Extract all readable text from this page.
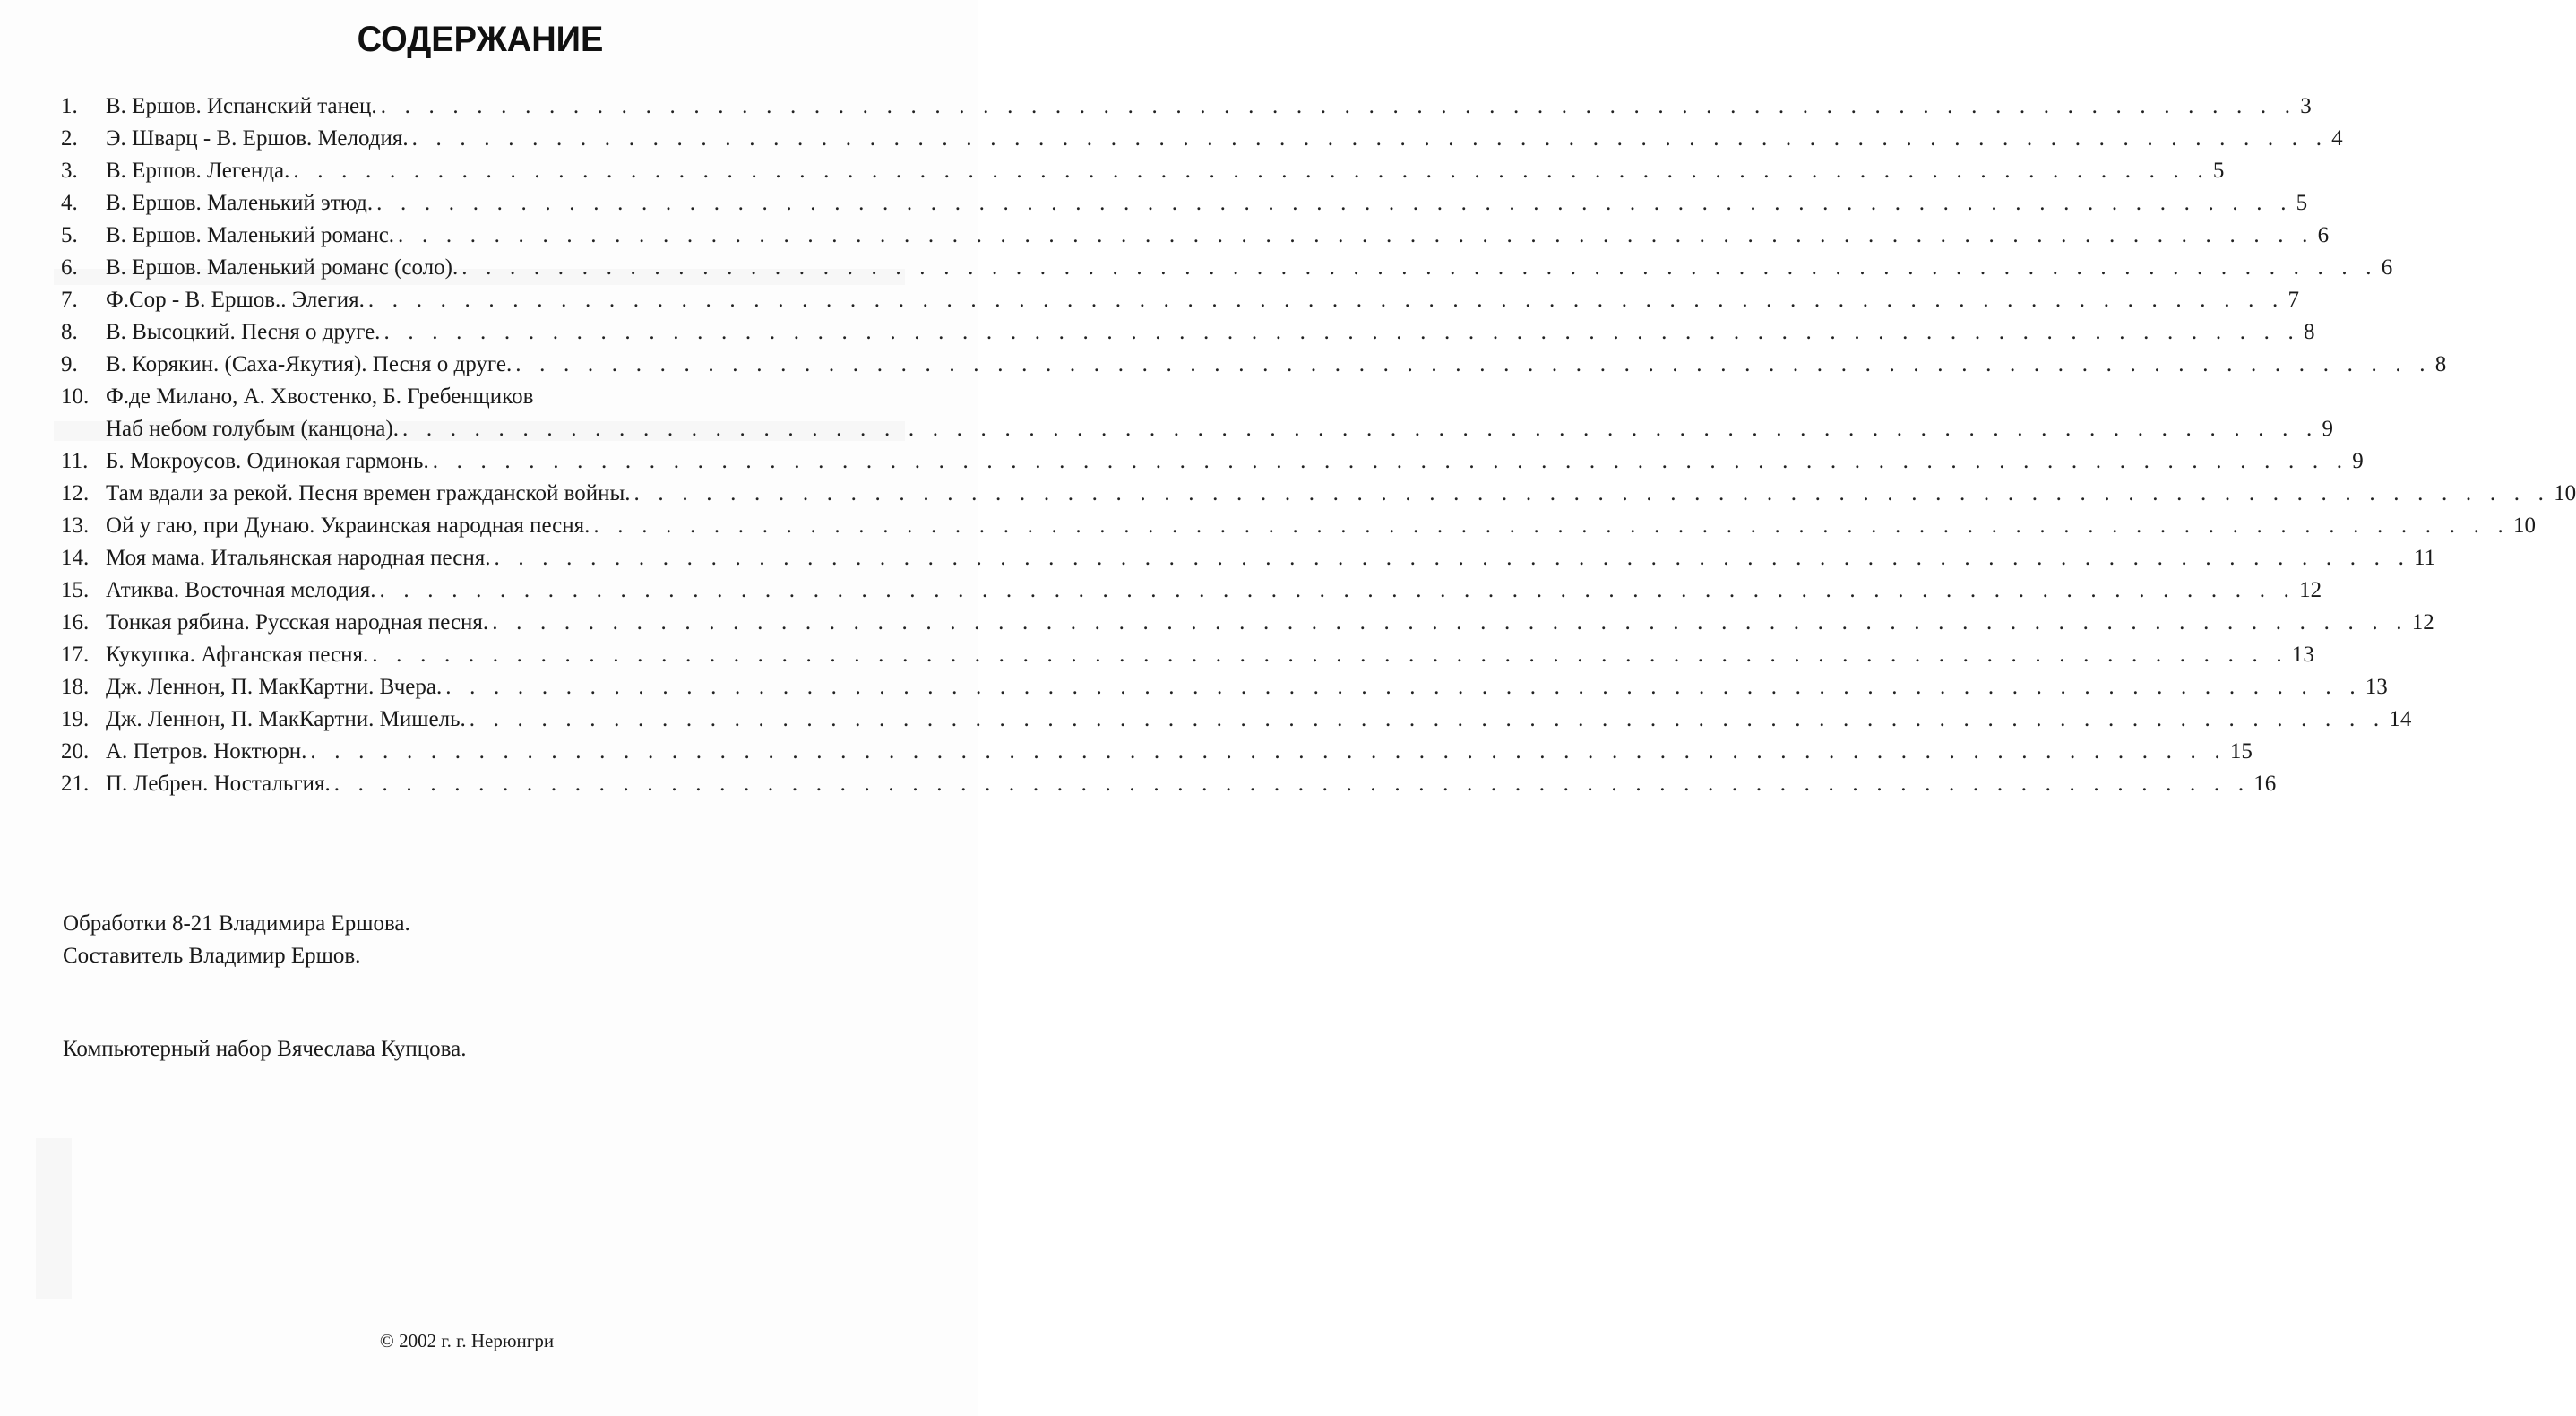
СОДЕРЖАНИЕ
1.	В. Ершов. Испанский танец. . . . . . . . . . . . . . . . . . . . . . . . . . . . . . . . . . . . . . . . . . . . . . . . . . . . . . . . . . . . . . . . . . . . . . . . . . . . . . . . . 3
2.	Э. Шварц - В. Ершов. Мелодия. . . . . . . . . . . . . . . . . . . . . . . . . . . . . . . . . . . . . . . . . . . . . . . . . . . . . . . . . . . . . . . . . . . . . . . . . . . . . . . . . 4
3.	В. Ершов. Легенда. . . . . . . . . . . . . . . . . . . . . . . . . . . . . . . . . . . . . . . . . . . . . . . . . . . . . . . . . . . . . . . . . . . . . . . . . . . . . . . . . 5
4.	В. Ершов. Маленький этюд. . . . . . . . . . . . . . . . . . . . . . . . . . . . . . . . . . . . . . . . . . . . . . . . . . . . . . . . . . . . . . . . . . . . . . . . . . . . . . . . . 5
5.	В. Ершов. Маленький романс. . . . . . . . . . . . . . . . . . . . . . . . . . . . . . . . . . . . . . . . . . . . . . . . . . . . . . . . . . . . . . . . . . . . . . . . . . . . . . . . . 6
6.	В. Ершов. Маленький романс (соло). . . . . . . . . . . . . . . . . . . . . . . . . . . . . . . . . . . . . . . . . . . . . . . . . . . . . . . . . . . . . . . . . . . . . . . . . . . . . . . . . 6
7.	Ф.Сор - В. Ершов.. Элегия. . . . . . . . . . . . . . . . . . . . . . . . . . . . . . . . . . . . . . . . . . . . . . . . . . . . . . . . . . . . . . . . . . . . . . . . . . . . . . . . . 7
8.	В. Высоцкий. Песня о друге. . . . . . . . . . . . . . . . . . . . . . . . . . . . . . . . . . . . . . . . . . . . . . . . . . . . . . . . . . . . . . . . . . . . . . . . . . . . . . . . . 8
9.	В. Корякин. (Саха-Якутия). Песня о друге. . . . . . . . . . . . . . . . . . . . . . . . . . . . . . . . . . . . . . . . . . . . . . . . . . . . . . . . . . . . . . . . . . . . . . . . . . . . . . . . . 8
10. Ф.де Милано, А. Хвостенко, Б. Гребенщиков
Наб небом голубым (канцона). . . . . . . . . . . . . . . . . . . . . . . . . . . . . . . . . . . . . . . . . . . . . . . . . . . . . . . . . . . . . . . . . . . . . . . . . . . . . . . . . 9
11. Б. Мокроусов. Одинокая гармонь. . . . . . . . . . . . . . . . . . . . . . . . . . . . . . . . . . . . . . . . . . . . . . . . . . . . . . . . . . . . . . . . . . . . . . . . . . . . . . . . . 9
12. Там вдали за рекой. Песня времен гражданской войны. . . . . . . . . . . . . . . . . . . . . . . . . . . . . . . . . . . . . . . . . . . . . . . . . . . . . . . . . . . . . . . . . . . . . . . . . . . . . . . . . 10
13. Ой у гаю, при Дунаю. Украинская народная песня. . . . . . . . . . . . . . . . . . . . . . . . . . . . . . . . . . . . . . . . . . . . . . . . . . . . . . . . . . . . . . . . . . . . . . . . . . . . . . . . . 10
14. Моя мама. Итальянская народная песня. . . . . . . . . . . . . . . . . . . . . . . . . . . . . . . . . . . . . . . . . . . . . . . . . . . . . . . . . . . . . . . . . . . . . . . . . . . . . . . . . 11
15. Атиква. Восточная мелодия. . . . . . . . . . . . . . . . . . . . . . . . . . . . . . . . . . . . . . . . . . . . . . . . . . . . . . . . . . . . . . . . . . . . . . . . . . . . . . . . . 12
16. Тонкая рябина. Русская народная песня. . . . . . . . . . . . . . . . . . . . . . . . . . . . . . . . . . . . . . . . . . . . . . . . . . . . . . . . . . . . . . . . . . . . . . . . . . . . . . . . . 12
17. Кукушка. Афганская песня. . . . . . . . . . . . . . . . . . . . . . . . . . . . . . . . . . . . . . . . . . . . . . . . . . . . . . . . . . . . . . . . . . . . . . . . . . . . . . . . . 13
18. Дж. Леннон, П. МакКартни. Вчера. . . . . . . . . . . . . . . . . . . . . . . . . . . . . . . . . . . . . . . . . . . . . . . . . . . . . . . . . . . . . . . . . . . . . . . . . . . . . . . . . 13
19. Дж. Леннон, П. МакКартни. Мишель. . . . . . . . . . . . . . . . . . . . . . . . . . . . . . . . . . . . . . . . . . . . . . . . . . . . . . . . . . . . . . . . . . . . . . . . . . . . . . . . . 14
20. А. Петров. Ноктюрн. . . . . . . . . . . . . . . . . . . . . . . . . . . . . . . . . . . . . . . . . . . . . . . . . . . . . . . . . . . . . . . . . . . . . . . . . . . . . . . . . 15
21. П. Лебрен. Ностальгия. . . . . . . . . . . . . . . . . . . . . . . . . . . . . . . . . . . . . . . . . . . . . . . . . . . . . . . . . . . . . . . . . . . . . . . . . . . . . . . . . 16
Обработки 8-21 Владимира Ершова.
Составитель Владимир Ершов.
Компьютерный набор Вячеслава Купцова.
© 2002 г. г. Нерюнгри
